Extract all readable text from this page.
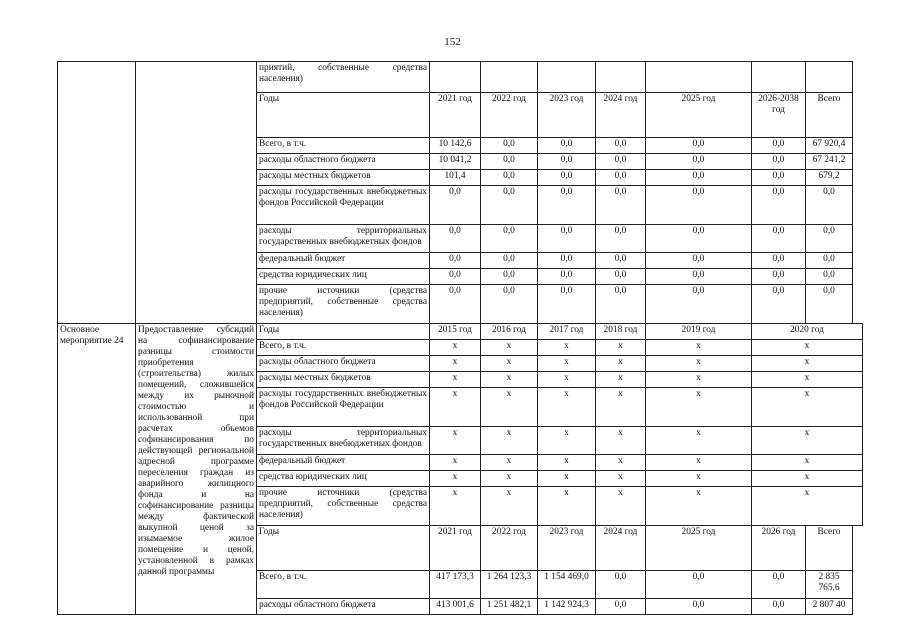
152
		приятий, собственные средства населения)							
		Годы	2021 год	2022 год	2023 год	2024 год	2025 год	2026-2038 год	Всего
		Всего, в т.ч.	10 142,6	0,0	0,0	0,0	0,0	0,0	67 920,4
		расходы областного бюджета	10 041,2	0,0	0,0	0,0	0,0	0,0	67 241,2
		расходы местных бюджетов	101,4	0,0	0,0	0,0	0,0	0,0	679,2
		расходы государственных внебюджетных фондов Российской Федерации	0,0	0,0	0,0	0,0	0,0	0,0	0,0
		расходы территориальных государственных внебюджетных фондов	0,0	0,0	0,0	0,0	0,0	0,0	0,0
		федеральный бюджет	0,0	0,0	0,0	0,0	0,0	0,0	0,0
		средства юридических лиц	0,0	0,0	0,0	0,0	0,0	0,0	0,0
		прочие источники (средства предприятий, собственные средства населения)	0,0	0,0	0,0	0,0	0,0	0,0	0,0
Основное мероприятие 24	Предоставление субсидий на софинансирование разницы стоимости приобретения (строительства) жилых помещений, сложившейся между их рыночной стоимостью и использованной при расчетах объемов софинансирования по действующей региональной адресной программе переселения граждан из аварийного жилищного фонда и на софинансирование разницы между фактической выкупной ценой за изымаемое жилое помещение и ценой, установленной в рамках данной программы	Годы	2015 год	2016 год	2017 год	2018 год	2019 год	2020 год	
		Всего, в т.ч.	х	х	х	х	х	х	
		расходы областного бюджета	х	х	х	х	х	х	
		расходы местных бюджетов	х	х	х	х	х	х	
		расходы государственных внебюджетных фондов Российской Федерации	х	х	х	х	х	х	
		расходы территориальных государственных внебюджетных фондов	х	х	х	х	х	х	
		федеральный бюджет	х	х	х	х	х	х	
		средства юридических лиц	х	х	х	х	х	х	
		прочие источники (средства предприятий, собственные средства населения)	х	х	х	х	х	х	
		Годы	2021 год	2022 год	2023 год	2024 год	2025 год	2026 год	Всего
		Всего, в т.ч.	417 173,3	1 264 123,3	1 154 469,0	0,0	0,0	0,0	2 835 765,6
		расходы областного бюджета	413 001,6	1 251 482,1	1 142 924,3	0,0	0,0	0,0	2 807 40
